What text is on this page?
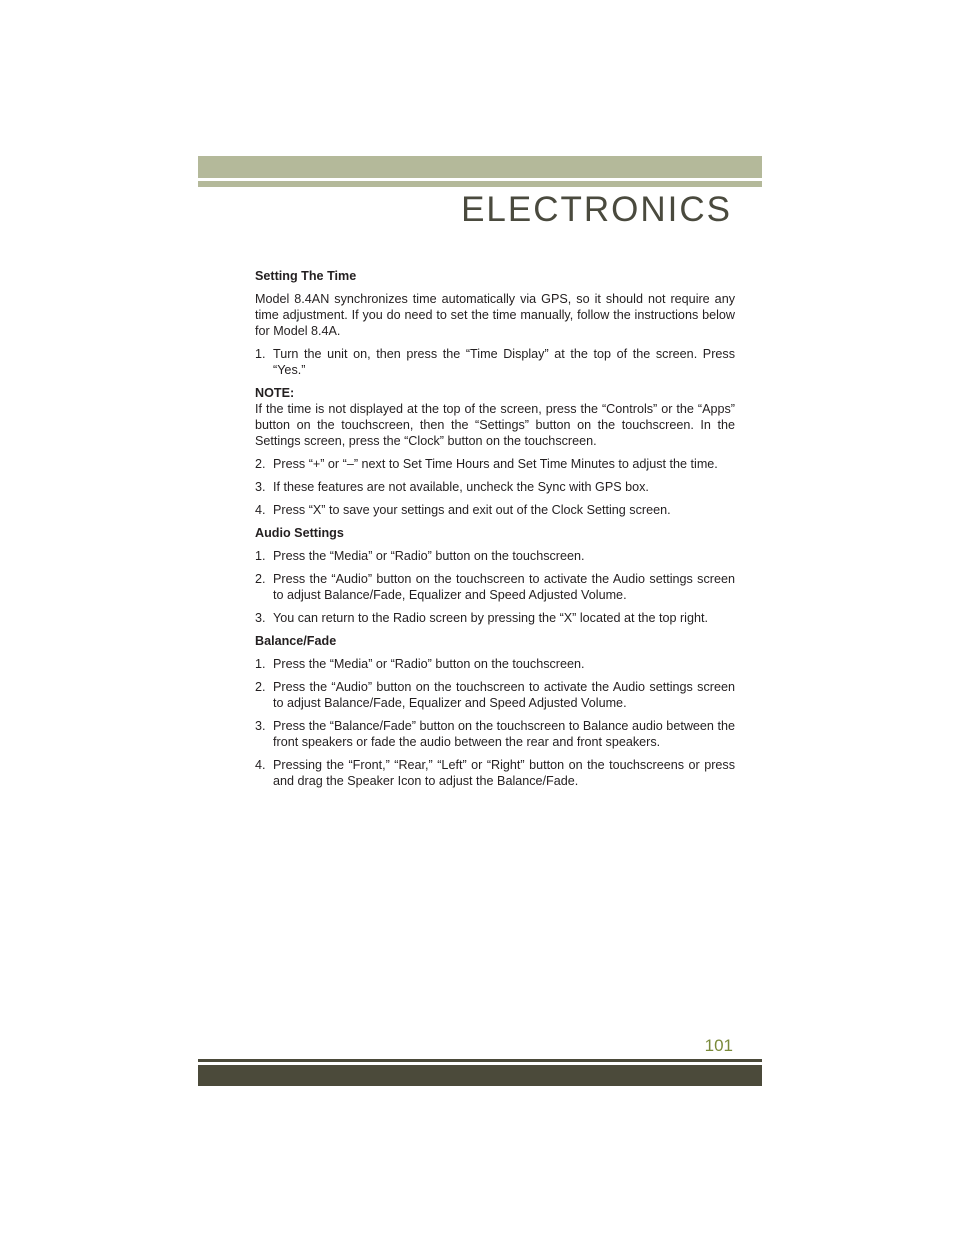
ELECTRONICS
Setting The Time

Model 8.4AN synchronizes time automatically via GPS, so it should not require any time adjustment. If you do need to set the time manually, follow the instructions below for Model 8.4A.

1. Turn the unit on, then press the “Time Display” at the top of the screen. Press “Yes.”
NOTE:

If the time is not displayed at the top of the screen, press the “Controls” or the “Apps” button on the touchscreen, then the “Settings” button on the touchscreen. In the Settings screen, press the “Clock” button on the touchscreen.

2. Press “+” or “–” next to Set Time Hours and Set Time Minutes to adjust the time.
3. If these features are not available, uncheck the Sync with GPS box.
4. Press “X” to save your settings and exit out of the Clock Setting screen.
Audio Settings
1. Press the “Media” or “Radio” button on the touchscreen.
2. Press the “Audio” button on the touchscreen to activate the Audio settings screen to adjust Balance/Fade, Equalizer and Speed Adjusted Volume.
3. You can return to the Radio screen by pressing the “X” located at the top right.
Balance/Fade
1. Press the “Media” or “Radio” button on the touchscreen.
2. Press the “Audio” button on the touchscreen to activate the Audio settings screen to adjust Balance/Fade, Equalizer and Speed Adjusted Volume.
3. Press the “Balance/Fade” button on the touchscreen to Balance audio between the front speakers or fade the audio between the rear and front speakers.
4. Pressing the “Front,” “Rear,” “Left” or “Right” button on the touchscreens or press and drag the Speaker Icon to adjust the Balance/Fade.

101
